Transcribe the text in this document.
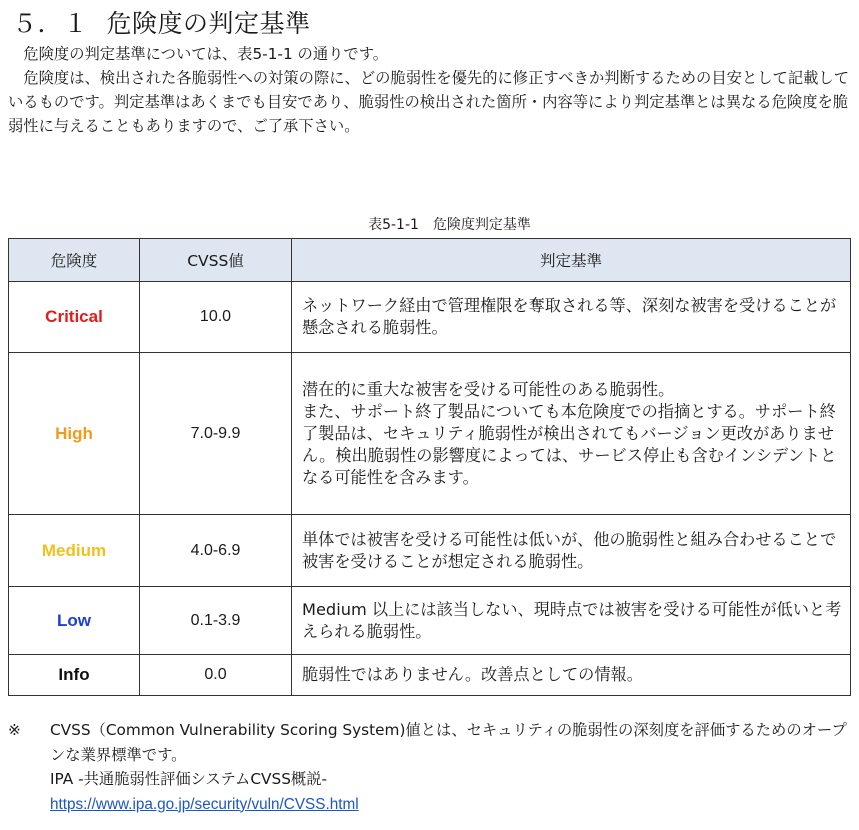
５．１ 危険度の判定基準

危険度の判定基準については、表5-1-1 の通りです。

危険度は、検出された各脆弱性への対策の際に、どの脆弱性を優先的に修正すべきか判断するための目安として記載しているものです。判定基準はあくまでも目安であり、脆弱性の検出された箇所・内容等により判定基準とは異なる危険度を脆弱性に与えることもありますので、ご了承下さい。

表5-1-1　危険度判定基準
危険度	CVSS値	判定基準
Critical	10.0	ネットワーク経由で管理権限を奪取される等、深刻な被害を受けることが懸念される脆弱性。
High	7.0-9.9	潜在的に重大な被害を受ける可能性のある脆弱性。
また、サポート終了製品についても本危険度での指摘とする。サポート終了製品は、セキュリティ脆弱性が検出されてもバージョン更改がありません。検出脆弱性の影響度によっては、サービス停止も含むインシデントとなる可能性を含みます。
Medium	4.0-6.9	単体では被害を受ける可能性は低いが、他の脆弱性と組み合わせることで被害を受けることが想定される脆弱性。
Low	0.1-3.9	Medium 以上には該当しない、現時点では被害を受ける可能性が低いと考えられる脆弱性。
Info	0.0	脆弱性ではありません。改善点としての情報。
※	CVSS（Common Vulnerability Scoring System)値とは、セキュリティの脆弱性の深刻度を評価するためのオープンな業界標準です。
IPA -共通脆弱性評価システムCVSS概説-
https://www.ipa.go.jp/security/vuln/CVSS.html
